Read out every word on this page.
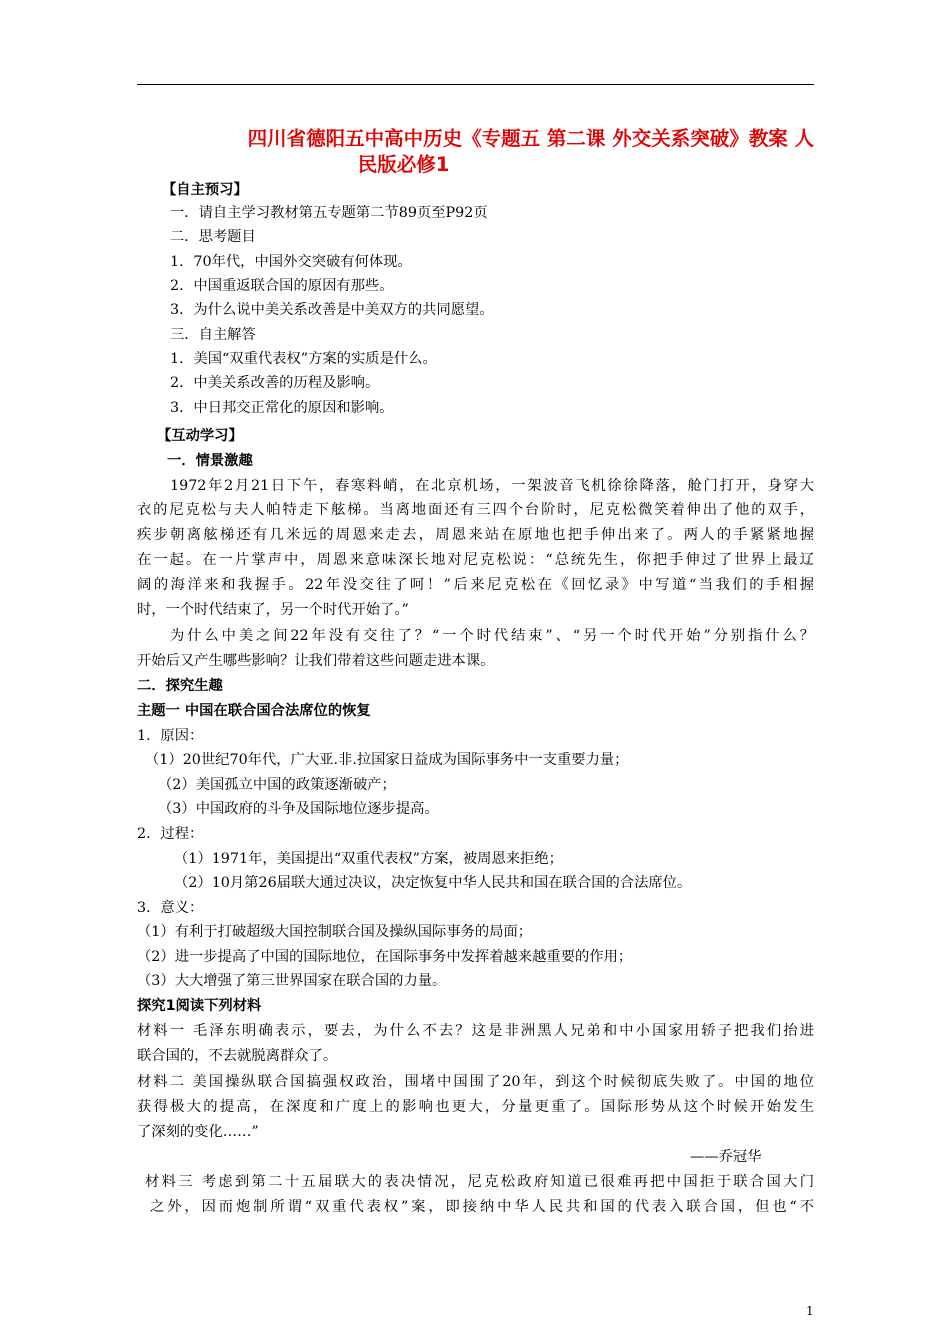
四川省德阳五中高中历史《专题五 第二课 外交关系突破》教案 人
民版必修1
【自主预习】
一．请自主学习教材第五专题第二节89页至P92页
二．思考题目
1．70年代，中国外交突破有何体现。
2．中国重返联合国的原因有那些。
3．为什么说中美关系改善是中美双方的共同愿望。
三．自主解答
1．美国“双重代表权”方案的实质是什么。
2．中美关系改善的历程及影响。
3．中日邦交正常化的原因和影响。
【互动学习】
一．情景激趣
1972年2月21日下午，春寒料峭，在北京机场，一架波音飞机徐徐降落，舱门打开，身穿大
衣的尼克松与夫人帕特走下舷梯。当离地面还有三四个台阶时，尼克松微笑着伸出了他的双手，
疾步朝离舷梯还有几米远的周恩来走去，周恩来站在原地也把手伸出来了。两人的手紧紧地握
在一起。在一片掌声中，周恩来意味深长地对尼克松说：“总统先生，你把手伸过了世界上最辽
阔的海洋来和我握手。22年没交往了呵！”后来尼克松在《回忆录》中写道“当我们的手相握
时，一个时代结束了，另一个时代开始了。”
为什么中美之间22年没有交往了？“一个时代结束”、“另一个时代开始”分别指什么？
开始后又产生哪些影响？让我们带着这些问题走进本课。
二．探究生趣
主题一 中国在联合国合法席位的恢复
1．原因：
（1）20世纪70年代，广大亚.非.拉国家日益成为国际事务中一支重要力量；
（2）美国孤立中国的政策逐渐破产；
（3）中国政府的斗争及国际地位逐步提高。
2．过程：
（1）1971年，美国提出“双重代表权”方案，被周恩来拒绝；
（2）10月第26届联大通过决议，决定恢复中华人民共和国在联合国的合法席位。
3．意义：
（1）有利于打破超级大国控制联合国及操纵国际事务的局面；
（2）进一步提高了中国的国际地位，在国际事务中发挥着越来越重要的作用；
（3）大大增强了第三世界国家在联合国的力量。
探究1阅读下列材料
材料一 毛泽东明确表示，要去，为什么不去？这是非洲黑人兄弟和中小国家用轿子把我们抬进
联合国的，不去就脱离群众了。
材料二 美国操纵联合国搞强权政治，围堵中国围了20年，到这个时候彻底失败了。中国的地位
获得极大的提高，在深度和广度上的影响也更大，分量更重了。国际形势从这个时候开始发生
了深刻的变化……”
——乔冠华
材料三 考虑到第二十五届联大的表决情况，尼克松政府知道已很难再把中国拒于联合国大门
之外，因而炮制所谓“双重代表权”案，即接纳中华人民共和国的代表入联合国，但也“不
1
